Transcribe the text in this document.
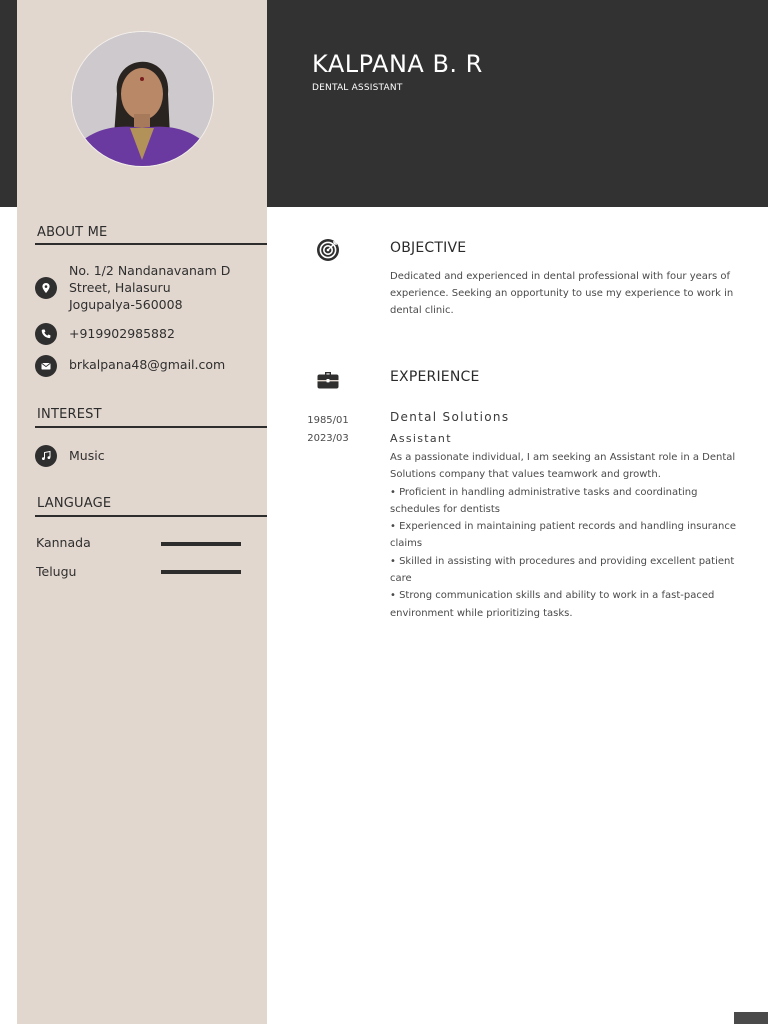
KALPANA B. R
DENTAL ASSISTANT
ABOUT ME
No. 1/2 Nandanavanam D
Street, Halasuru
Jogupalya-560008
+919902985882
brkalpana48@gmail.com
INTEREST
Music
LANGUAGE
Kannada
Telugu
OBJECTIVE

Dedicated and experienced in dental professional with four years of experience. Seeking an opportunity to use my experience to work in dental clinic.

EXPERIENCE
1985/01
2023/03
Dental Solutions
Assistant
As a passionate individual, I am seeking an Assistant role in a Dental Solutions company that values teamwork and growth.
• Proficient in handling administrative tasks and coordinating schedules for dentists
• Experienced in maintaining patient records and handling insurance claims
• Skilled in assisting with procedures and providing excellent patient care
• Strong communication skills and ability to work in a fast-paced environment while prioritizing tasks.
